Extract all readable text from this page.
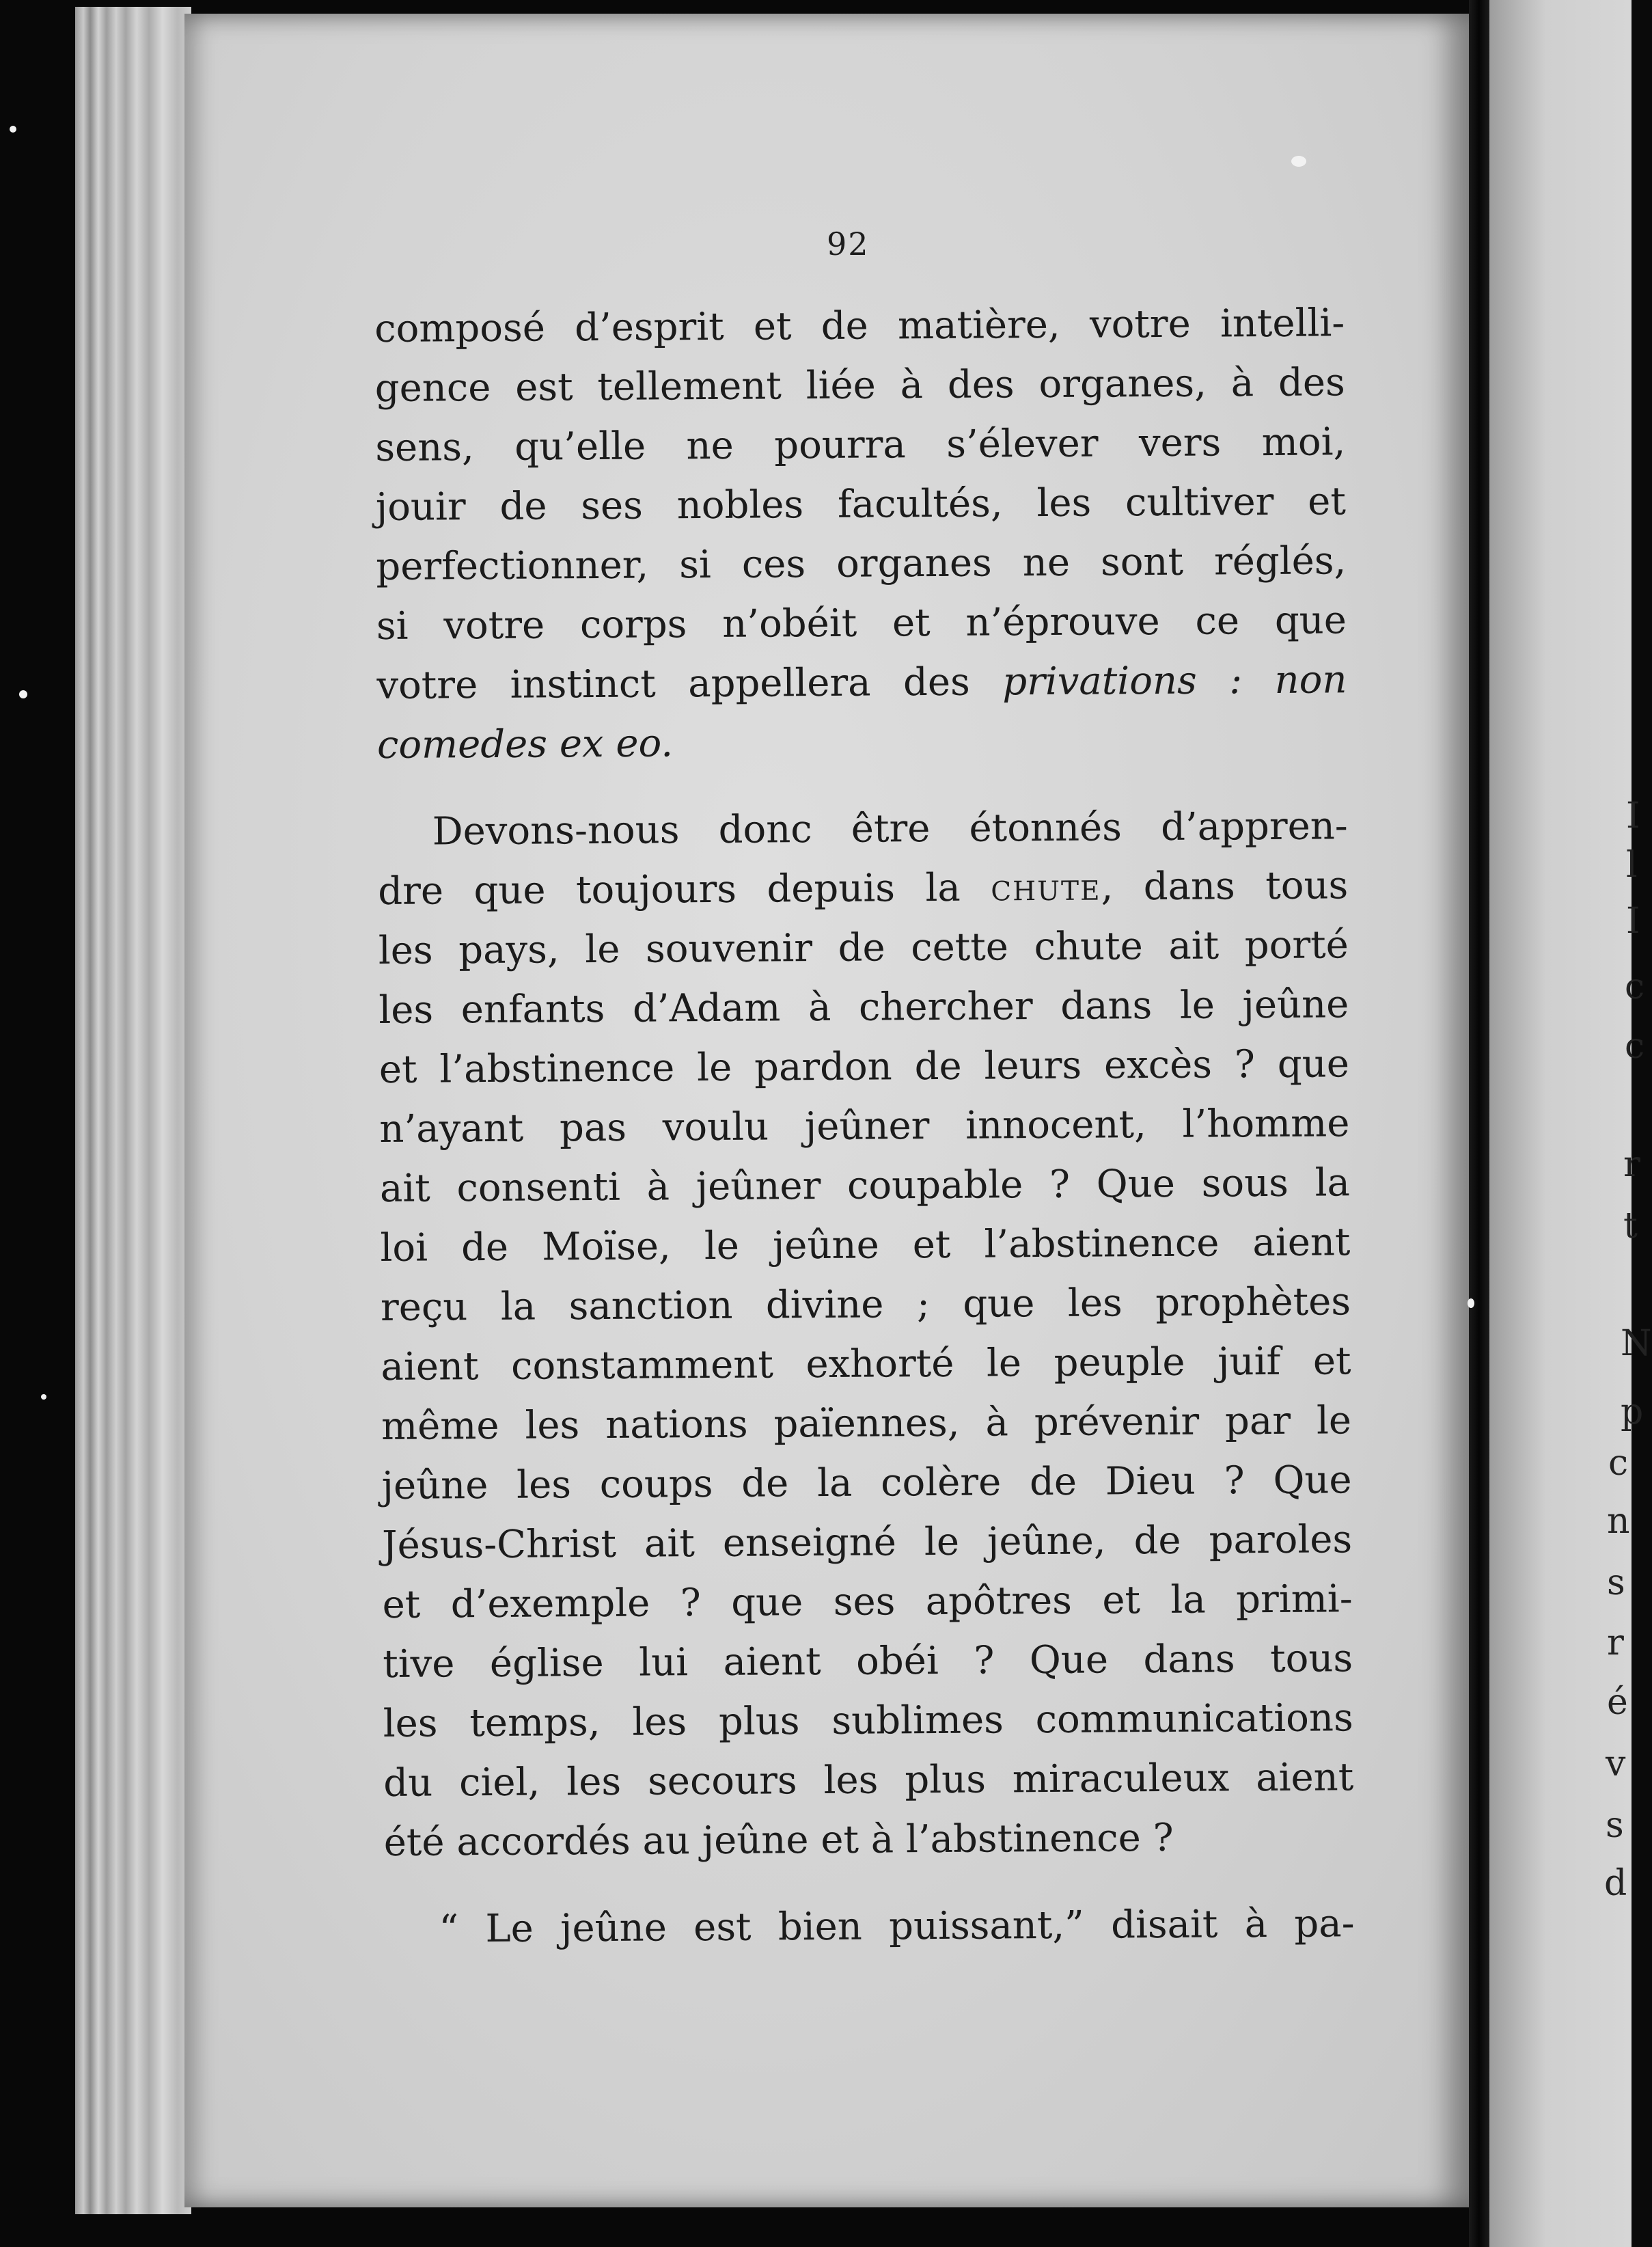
I
l
I
c
c
r
t
N
p
c
n
s
r
é
v
s
d
92
composé d’esprit et de matière, votre intelli-
gence est tellement liée à des organes, à des
sens, qu’elle ne pourra s’élever vers moi,
jouir de ses nobles facultés, les cultiver et
perfectionner, si ces organes ne sont réglés,
si votre corps n’obéit et n’éprouve ce que
votre instinct appellera des privations : non
comedes ex eo.
Devons-nous donc être étonnés d’appren-
dre que toujours depuis la chute, dans tous
les pays, le souvenir de cette chute ait porté
les enfants d’Adam à chercher dans le jeûne
et l’abstinence le pardon de leurs excès ? que
n’ayant pas voulu jeûner innocent, l’homme
ait consenti à jeûner coupable ? Que sous la
loi de Moïse, le jeûne et l’abstinence aient
reçu la sanction divine ; que les prophètes
aient constamment exhorté le peuple juif et
même les nations païennes, à prévenir par le
jeûne les coups de la colère de Dieu ? Que
Jésus-Christ ait enseigné le jeûne, de paroles
et d’exemple ? que ses apôtres et la primi-
tive église lui aient obéi ? Que dans tous
les temps, les plus sublimes communications
du ciel, les secours les plus miraculeux aient
été accordés au jeûne et à l’abstinence ?
“ Le jeûne est bien puissant,” disait à pa-
